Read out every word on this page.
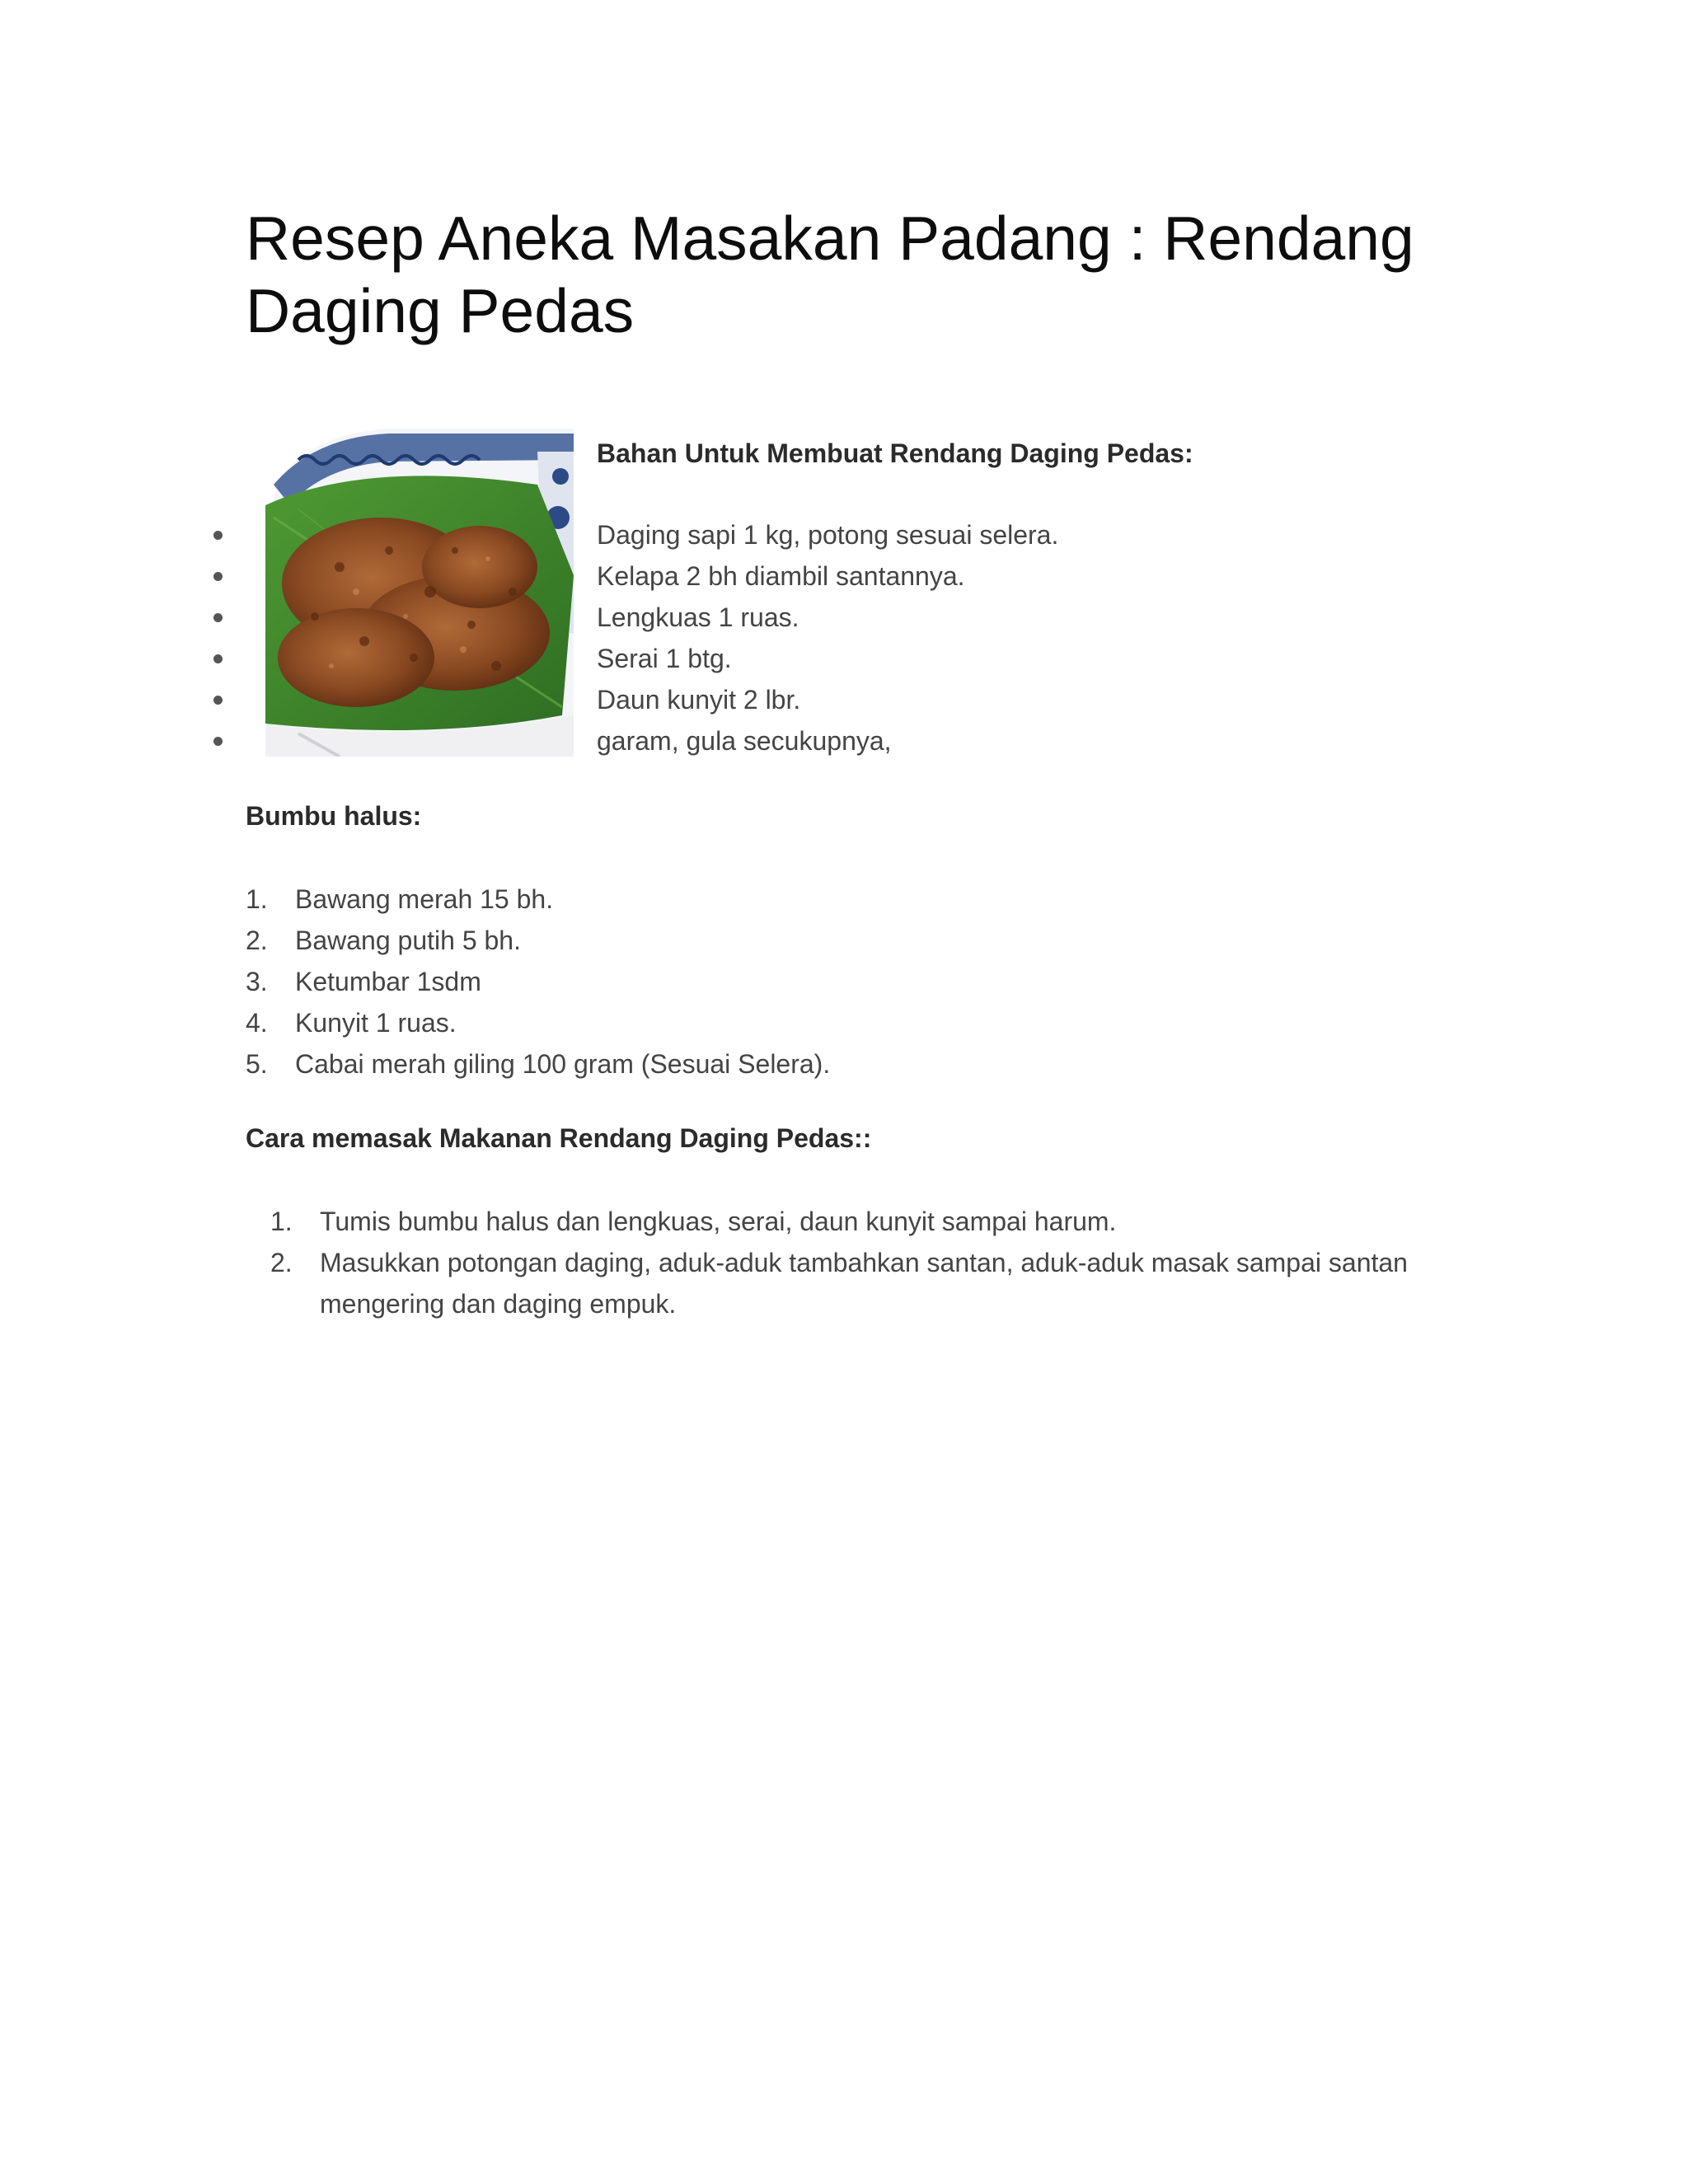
Resep Aneka Masakan Padang : Rendang Daging Pedas
Bahan Untuk Membuat Rendang Daging Pedas:
Daging sapi 1 kg, potong sesuai selera.
Kelapa 2 bh diambil santannya.
Lengkuas 1 ruas.
Serai 1 btg.
Daun kunyit 2 lbr.
garam, gula secukupnya,
Bumbu halus:
1.	Bawang merah 15 bh.
2.	Bawang putih 5 bh.
3.	Ketumbar 1sdm
4.	Kunyit 1 ruas.
5.	Cabai merah giling 100 gram (Sesuai Selera).
Cara memasak Makanan Rendang Daging Pedas::
1.	Tumis bumbu halus dan lengkuas, serai, daun kunyit sampai harum.
2.	Masukkan potongan daging, aduk-aduk tambahkan santan, aduk-aduk masak sampai santan mengering dan daging empuk.
